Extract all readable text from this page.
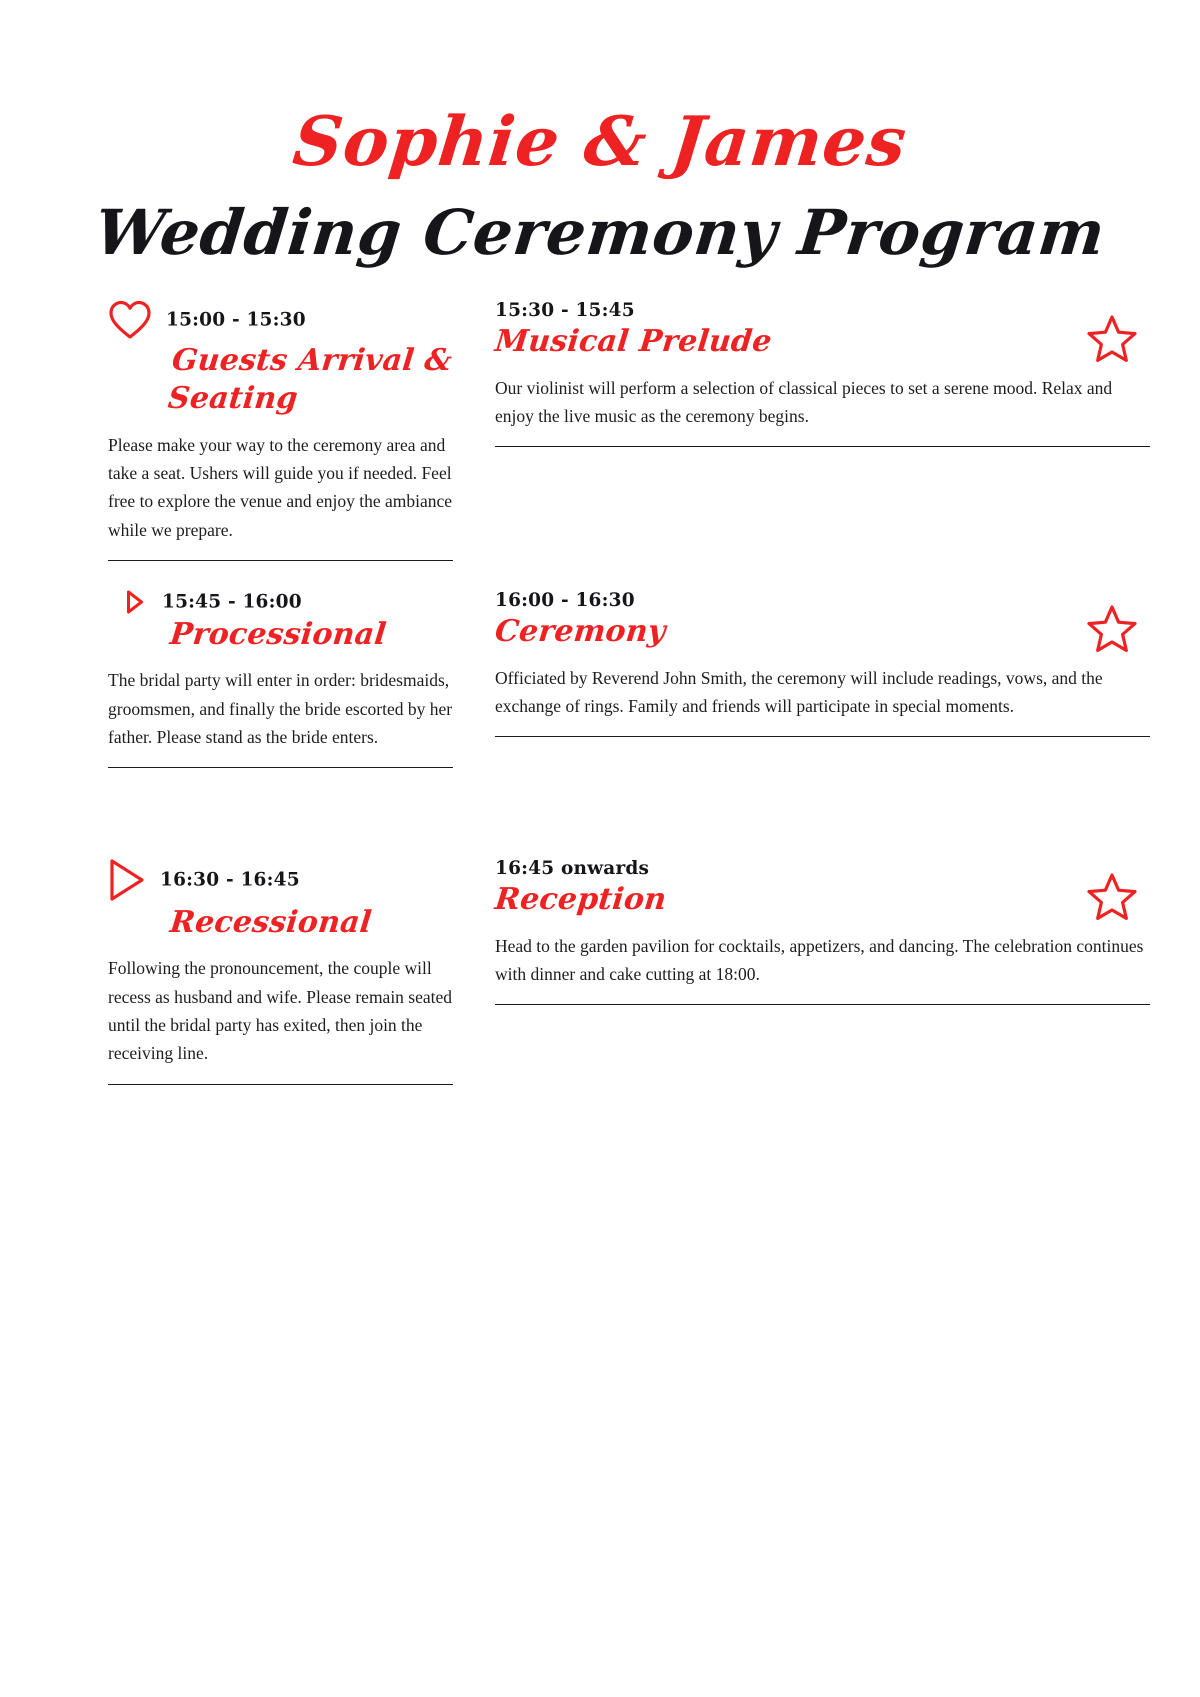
Sophie & James
Wedding Ceremony Program
15:00 - 15:30
Guests Arrival & Seating

Please make your way to the ceremony area and take a seat. Ushers will guide you if needed. Feel free to explore the venue and enjoy the ambiance while we prepare.

15:30 - 15:45
Musical Prelude

Our violinist will perform a selection of classical pieces to set a serene mood. Relax and enjoy the live music as the ceremony begins.

15:45 - 16:00
Processional

The bridal party will enter in order: bridesmaids, groomsmen, and finally the bride escorted by her father. Please stand as the bride enters.

16:00 - 16:30
Ceremony

Officiated by Reverend John Smith, the ceremony will include readings, vows, and the exchange of rings. Family and friends will participate in special moments.

16:30 - 16:45
Recessional

Following the pronouncement, the couple will recess as husband and wife. Please remain seated until the bridal party has exited, then join the receiving line.

16:45 onwards
Reception

Head to the garden pavilion for cocktails, appetizers, and dancing. The celebration continues with dinner and cake cutting at 18:00.
